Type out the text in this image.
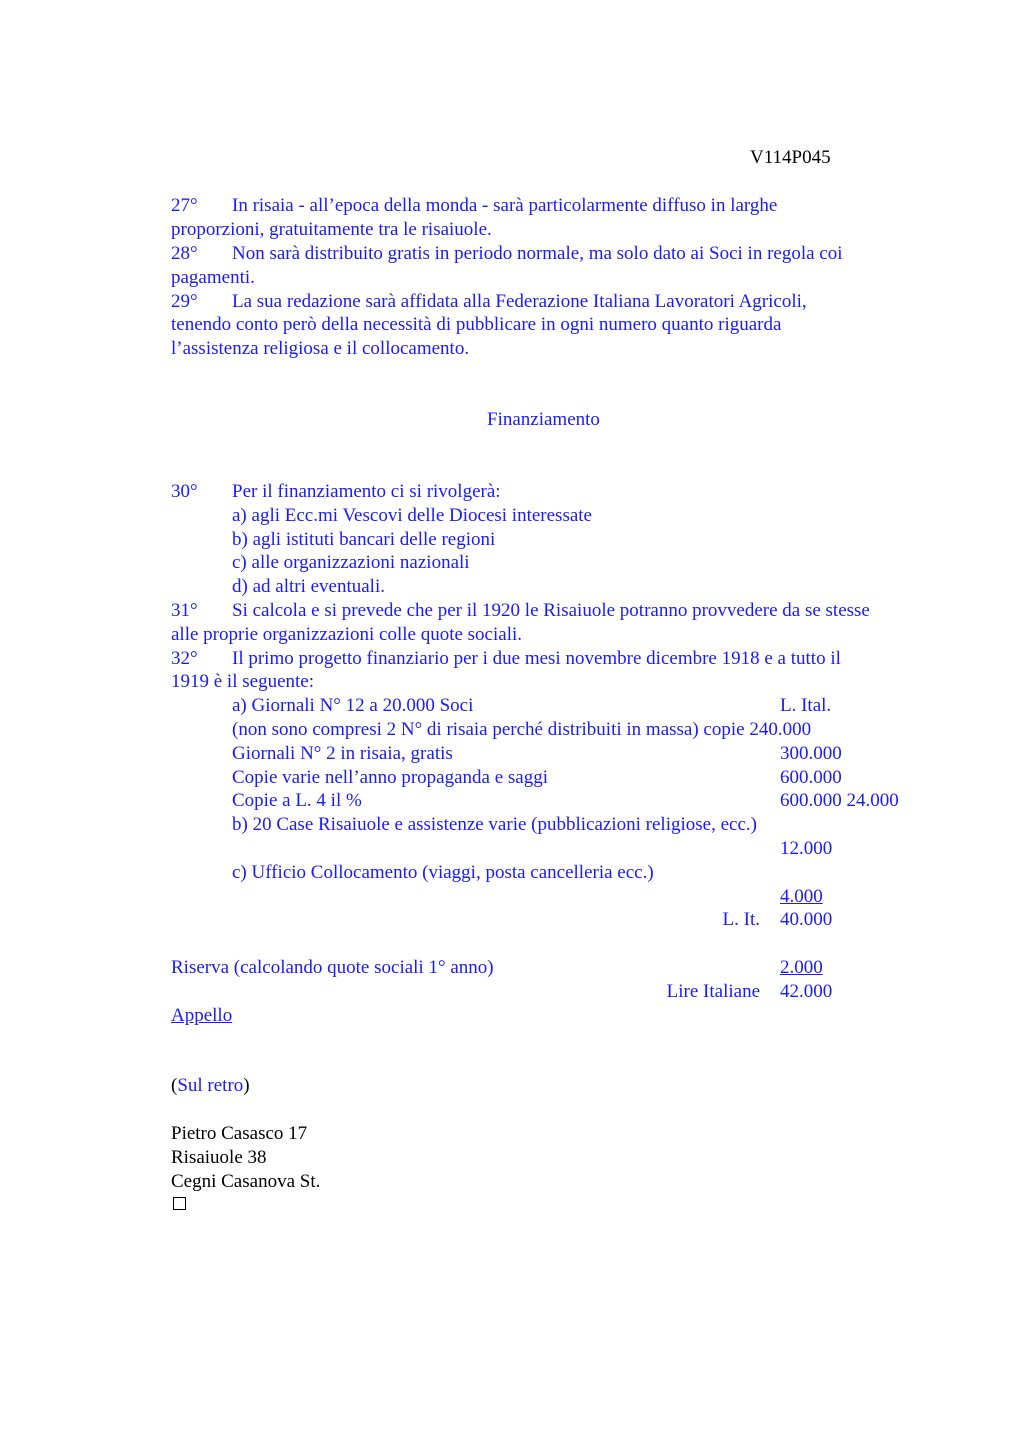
V114P045
27° In risaia - all’epoca della monda - sarà particolarmente diffuso in larghe
proporzioni, gratuitamente tra le risaiuole.
28° Non sarà distribuito gratis in periodo normale, ma solo dato ai Soci in regola coi
pagamenti.
29° La sua redazione sarà affidata alla Federazione Italiana Lavoratori Agricoli,
tenendo conto però della necessità di pubblicare in ogni numero quanto riguarda
l’assistenza religiosa e il collocamento.
Finanziamento
30° Per il finanziamento ci si rivolgerà:
a) agli Ecc.mi Vescovi delle Diocesi interessate
b) agli istituti bancari delle regioni
c) alle organizzazioni nazionali
d) ad altri eventuali.
31° Si calcola e si prevede che per il 1920 le Risaiuole potranno provvedere da se stesse
alle proprie organizzazioni colle quote sociali.
32° Il primo progetto finanziario per i due mesi novembre dicembre 1918 e a tutto il
1919 è il seguente:
a) Giornali N° 12 a 20.000 Soci	L. Ital.
(non sono compresi 2 N° di risaia perché distribuiti in massa) copie 240.000
Giornali N° 2 in risaia, gratis	300.000
Copie varie nell’anno propaganda e saggi	600.000
Copie a L. 4 il %	600.000 24.000
b) 20 Case Risaiuole e assistenze varie (pubblicazioni religiose, ecc.)
12.000
c) Ufficio Collocamento (viaggi, posta cancelleria ecc.)
4.000
L. It. 40.000
Riserva (calcolando quote sociali 1° anno)	2.000
Lire Italiane 42.000
Appello
(Sul retro)
Pietro Casasco 17
Risaiuole 38
Cegni Casanova St.
